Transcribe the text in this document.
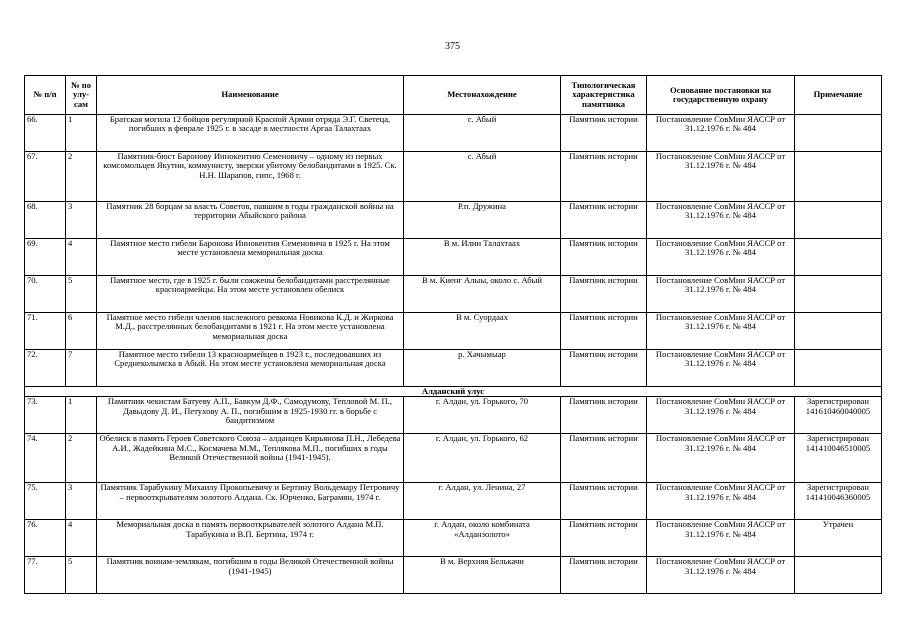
375
№ п/п	№ по улу-сам	Наименование	Местонахождение	Типологическая характеристика памятника	Основание постановки на государственную охрану	Примечание
66.	1	Братская могила 12 бойцов регулярной Красной Армии отряда Э.Г. Светеца, погибших в феврале 1925 г. в засаде в местности Аргаа Талахтаах	с. Абый	Памятник истории	Постановление СовМин ЯАССР от 31.12.1976 г. № 484	
67.	2	Памятник-бюст Баронову Иннокентию Семеновичу – одному из первых комсомольцев Якутии, коммунисту, зверски убитому белобандитами в 1925. Ск. Н.Н. Шарапов, гипс, 1968 г.	с. Абый	Памятник истории	Постановление СовМин ЯАССР от 31.12.1976 г. № 484	
68.	3	Памятник 28 борцам за власть Советов, павшим в годы гражданской войны на территории Абыйского района	Р.п. Дружина	Памятник истории	Постановление СовМин ЯАССР от 31.12.1976 г. № 484	
69.	4	Памятное место гибели Баронова Иннокентия Семеновича в 1925 г. На этом месте установлена мемориальная доска	В м. Илин Талахтаах	Памятник истории	Постановление СовМин ЯАССР от 31.12.1976 г. № 484	
70.	5	Памятное место, где в 1925 г. были сожжены белобандитами расстрелянные красноармейцы. На этом месте установлен обелиск	В м. Киенг Алыы, около с. Абый	Памятник истории	Постановление СовМин ЯАССР от 31.12.1976 г. № 484	
71.	6	Памятное место гибели членов наслежного ревкома Новикова К.Д. и Жиркова М.Д., расстрелянных белобандитами в 1921 г. На этом месте установлена мемориальная доска	В м. Суордаах	Памятник истории	Постановление СовМин ЯАССР от 31.12.1976 г. № 484	
72.	7	Памятное место гибели 13 красноармейцев в 1923 г., последовавших из Среднеколымска в Абый. На этом месте установлена мемориальная доска	р. Хачымыар	Памятник истории	Постановление СовМин ЯАССР от 31.12.1976 г. № 484	
Алданский улус						
73.	1	Памятник чекистам Батуеву А.П., Бавкум Д.Ф., Самодумову, Тепловой М. П., Давыдову Д. И., Петухову А. П., погибшим в 1925-1930 гг. в борьбе с бандитизмом	г. Алдан, ул. Горького, 70	Памятник истории	Постановление СовМин ЯАССР от 31.12.1976 г. № 484	Зарегистрирован 141610460040005
74.	2	Обелиск в память Героев Советского Союза – алданцев Кирьянова П.Н., Лебедева А.И., Жадейкина М.С., Космачева М.М., Тепляковa М.П., погибших в годы Великой Отечественной войны (1941-1945).	г. Алдан, ул. Горького, 62	Памятник истории	Постановление СовМин ЯАССР от 31.12.1976 г. № 484	Зарегистрирован 141410046510005
75.	3	Памятник Тарабукину Михаилу Прокопьевичу и Бертину Вольдемару Петровичу – первооткрывателям золотого Алдана. Ск. Юрченко, Баграмян, 1974 г.	г. Алдан, ул. Ленина, 27	Памятник истории	Постановление СовМин ЯАССР от 31.12.1976 г. № 484	Зарегистрирован 141410046360005
76.	4	Мемориальная доска в память первооткрывателей золотого Алдана М.П. Тарабукина и В.П. Бертина, 1974 г.	г. Алдан, около комбината «Алданзолото»	Памятник истории	Постановление СовМин ЯАССР от 31.12.1976 г. № 484	Утрачен
77.	5	Памятник воинам-землякам, погибшим в годы Великой Отечественной войны (1941-1945)	В м. Верхняя Белькачи	Памятник истории	Постановление СовМин ЯАССР от 31.12.1976 г. № 484	
